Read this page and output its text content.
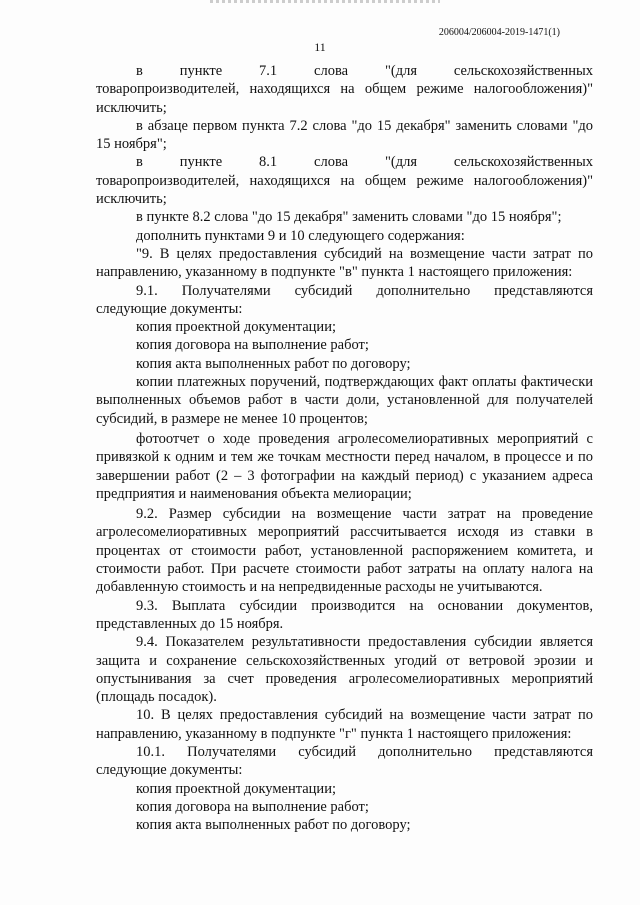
206004/206004-2019-1471(1)
11

в пункте 7.1 слова "(для сельскохозяйственных

товаропроизводителей, находящихся на общем режиме налогообложения)" исключить;

в абзаце первом пункта 7.2 слова "до 15 декабря" заменить словами "до 15 ноября";

в пункте 8.1 слова "(для сельскохозяйственных

товаропроизводителей, находящихся на общем режиме налогообложения)" исключить;

в пункте 8.2 слова "до 15 декабря" заменить словами "до 15 ноября";

дополнить пунктами 9 и 10 следующего содержания:

"9. В целях предоставления субсидий на возмещение части затрат по направлению, указанному в подпункте "в" пункта 1 настоящего приложения:

9.1. Получателями субсидий дополнительно представляются

следующие документы:

копия проектной документации;

копия договора на выполнение работ;

копия акта выполненных работ по договору;

копии платежных поручений, подтверждающих факт оплаты фактически выполненных объемов работ в части доли, установленной для получателей субсидий, в размере не менее 10 процентов;

фотоотчет о ходе проведения агролесомелиоративных мероприятий с привязкой к одним и тем же точкам местности перед началом, в процессе и по завершении работ (2 – 3 фотографии на каждый период) с указанием адреса предприятия и наименования объекта мелиорации;

9.2. Размер субсидии на возмещение части затрат на проведение агролесомелиоративных мероприятий рассчитывается исходя из ставки в процентах от стоимости работ, установленной распоряжением комитета, и стоимости работ. При расчете стоимости работ затраты на оплату налога на добавленную стоимость и на непредвиденные расходы не учитываются.

9.3. Выплата субсидии производится на основании документов, представленных до 15 ноября.

9.4. Показателем результативности предоставления субсидии является защита и сохранение сельскохозяйственных угодий от ветровой эрозии и опустынивания за счет проведения агролесомелиоративных мероприятий (площадь посадок).

10. В целях предоставления субсидий на возмещение части затрат по направлению, указанному в подпункте "г" пункта 1 настоящего приложения:

10.1. Получателями субсидий дополнительно представляются

следующие документы:

копия проектной документации;

копия договора на выполнение работ;

копия акта выполненных работ по договору;
